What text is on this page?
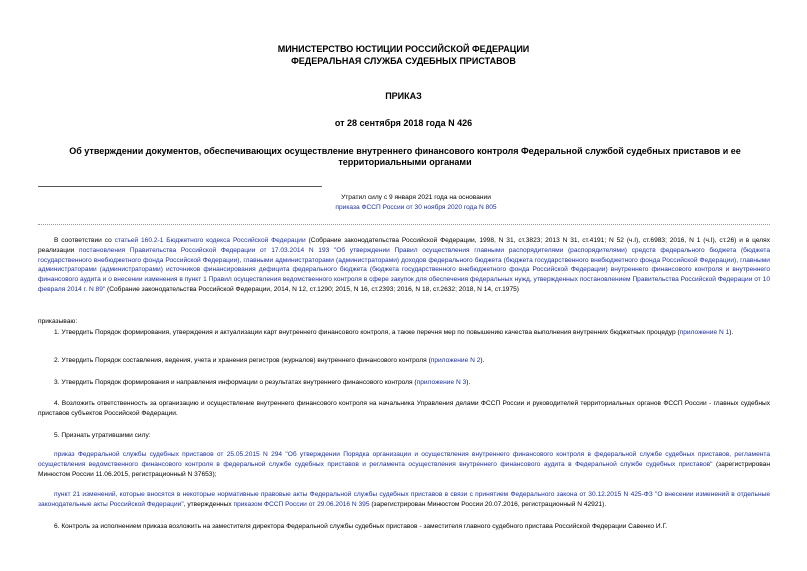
МИНИСТЕРСТВО ЮСТИЦИИ РОССИЙСКОЙ ФЕДЕРАЦИИ
ФЕДЕРАЛЬНАЯ СЛУЖБА СУДЕБНЫХ ПРИСТАВОВ
ПРИКАЗ
от 28 сентября 2018 года N 426
Об утверждении документов, обеспечивающих осуществление внутреннего финансового контроля Федеральной службой судебных приставов и ее территориальными органами
Утратил силу с 9 января 2021 года на основании
приказа ФССП России от 30 ноября 2020 года N 805
В соответствии со статьей 160.2-1 Бюджетного кодекса Российской Федерации (Собрание законодательства Российской Федерации, 1998, N 31, ст.3823; 2013 N 31, ст.4191; N 52 (ч.I), ст.6983; 2016, N 1 (ч.I), ст.26) и в целях реализации постановления Правительства Российской Федерации от 17.03.2014 N 193 "Об утверждении Правил осуществления главными распорядителями (распорядителями) средств федерального бюджета (бюджета государственного внебюджетного фонда Российской Федерации), главными администраторами (администраторами) доходов федерального бюджета (бюджета государственного внебюджетного фонда Российской Федерации), главными администраторами (администраторами) источников финансирования дефицита федерального бюджета (бюджета государственного внебюджетного фонда Российской Федерации) внутреннего финансового контроля и внутреннего финансового аудита и о внесении изменения в пункт 1 Правил осуществления ведомственного контроля в сфере закупок для обеспечения федеральных нужд, утвержденных постановлением Правительства Российской Федерации от 10 февраля 2014 г. N 89" (Собрание законодательства Российской Федерации, 2014, N 12, ст.1290; 2015, N 16, ст.2393; 2016, N 18, ст.2632; 2018, N 14, ст.1975)
приказываю:
1. Утвердить Порядок формирования, утверждения и актуализации карт внутреннего финансового контроля, а также перечня мер по повышению качества выполнения внутренних бюджетных процедур (приложение N 1).
2. Утвердить Порядок составления, ведения, учета и хранения регистров (журналов) внутреннего финансового контроля (приложение N 2).
3. Утвердить Порядок формирования и направления информации о результатах внутреннего финансового контроля (приложение N 3).
4. Возложить ответственность за организацию и осуществление внутреннего финансового контроля на начальника Управления делами ФССП России и руководителей территориальных органов ФССП России - главных судебных приставов субъектов Российской Федерации.
5. Признать утратившими силу:
приказ Федеральной службы судебных приставов от 25.05.2015 N 294 "Об утверждении Порядка организации и осуществления внутреннего финансового контроля в федеральной службе судебных приставов, регламента осуществления ведомственного финансового контроля в федеральной службе судебных приставов и регламента осуществления внутреннего финансового аудита в Федеральной службе судебных приставов" (зарегистрирован Минюстом России 11.06.2015, регистрационный N 37653);
пункт 21 изменений, которые вносятся в некоторые нормативные правовые акты Федеральной службы судебных приставов в связи с принятием Федерального закона от 30.12.2015 N 425-ФЗ "О внесении изменений в отдельные законодательные акты Российской Федерации", утвержденных приказом ФССП России от 29.06.2016 N 395 (зарегистрирован Минюстом России 20.07.2016, регистрационный N 42921).
6. Контроль за исполнением приказа возложить на заместителя директора Федеральной службы судебных приставов - заместителя главного судебного пристава Российской Федерации Савенко И.Г.
